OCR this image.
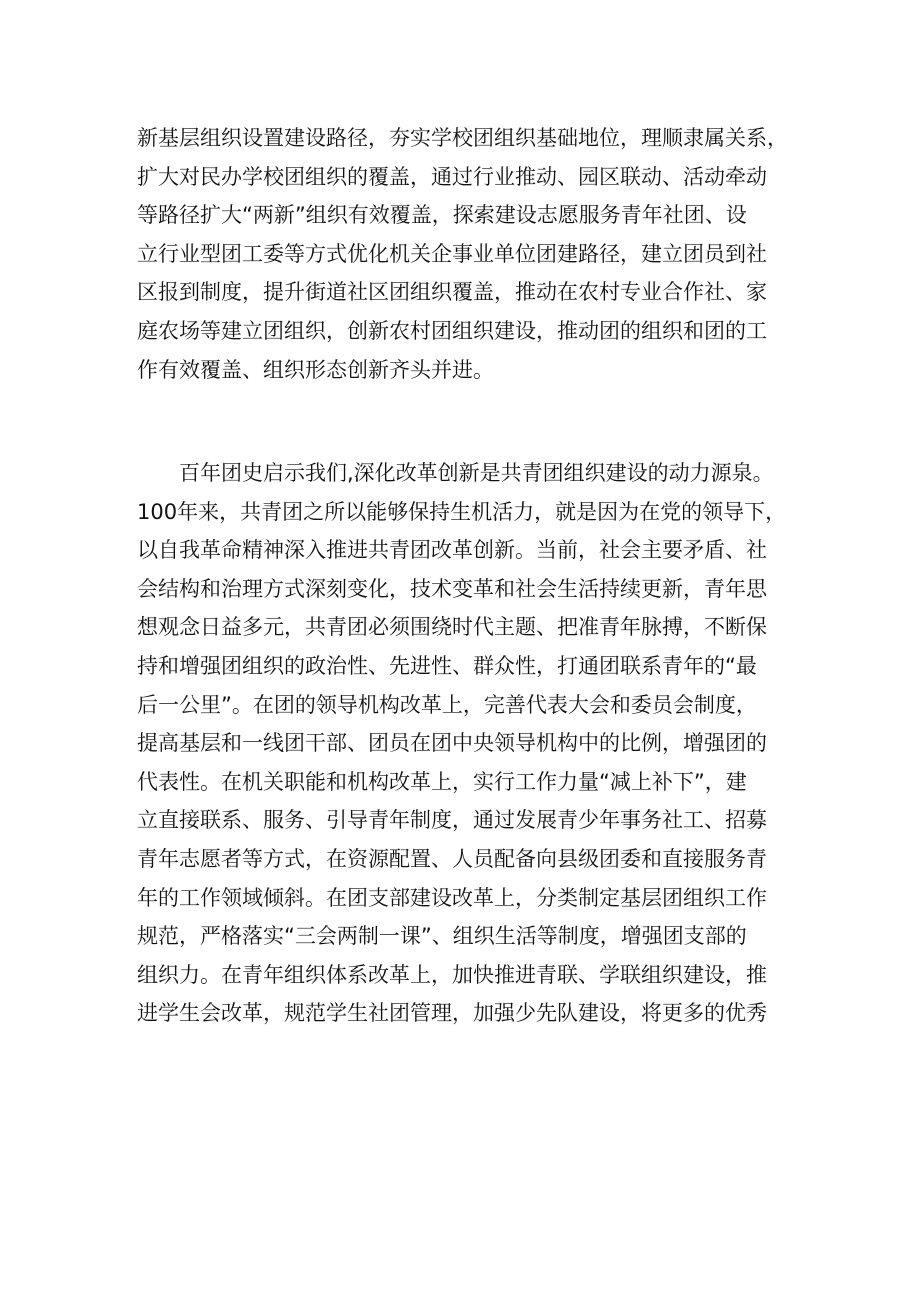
新基层组织设置建设路径，夯实学校团组织基础地位，理顺隶属关系，
扩大对民办学校团组织的覆盖，通过行业推动、园区联动、活动牵动
等路径扩大“两新”组织有效覆盖，探索建设志愿服务青年社团、设
立行业型团工委等方式优化机关企事业单位团建路径，建立团员到社
区报到制度，提升街道社区团组织覆盖，推动在农村专业合作社、家
庭农场等建立团组织，创新农村团组织建设，推动团的组织和团的工
作有效覆盖、组织形态创新齐头并进。
　　百年团史启示我们,深化改革创新是共青团组织建设的动力源泉。
100年来，共青团之所以能够保持生机活力，就是因为在党的领导下，
以自我革命精神深入推进共青团改革创新。当前，社会主要矛盾、社
会结构和治理方式深刻变化，技术变革和社会生活持续更新，青年思
想观念日益多元，共青团必须围绕时代主题、把准青年脉搏，不断保
持和增强团组织的政治性、先进性、群众性，打通团联系青年的“最
后一公里”。在团的领导机构改革上，完善代表大会和委员会制度，
提高基层和一线团干部、团员在团中央领导机构中的比例，增强团的
代表性。在机关职能和机构改革上，实行工作力量“减上补下”，建
立直接联系、服务、引导青年制度，通过发展青少年事务社工、招募
青年志愿者等方式，在资源配置、人员配备向县级团委和直接服务青
年的工作领域倾斜。在团支部建设改革上，分类制定基层团组织工作
规范，严格落实“三会两制一课”、组织生活等制度，增强团支部的
组织力。在青年组织体系改革上，加快推进青联、学联组织建设，推
进学生会改革，规范学生社团管理，加强少先队建设，将更多的优秀
